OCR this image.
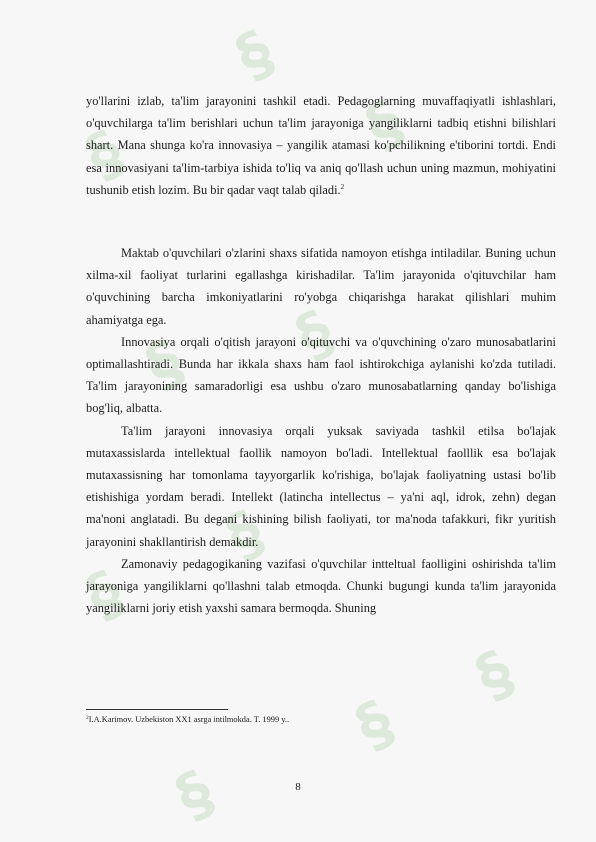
§
§
§
§
§
§
§
§
§
§

yo'llarini izlab, ta'lim jarayonini tashkil etadi. Pedagoglarning muvaffaqiyatli ishlashlari, o'quvchilarga ta'lim berishlari uchun ta'lim jarayoniga yangiliklarni tadbiq etishni bilishlari shart. Mana shunga ko'ra innovasiya – yangilik atamasi ko'pchilikning e'tiborini tortdi. Endi esa innovasiyani ta'lim-tarbiya ishida to'liq va aniq qo'llash uchun uning mazmun, mohiyatini tushunib etish lozim. Bu bir qadar vaqt talab qiladi.$^2$

Maktab o'quvchilari o'zlarini shaxs sifatida namoyon etishga intiladilar. Buning uchun xilma-xil faoliyat turlarini egallashga kirishadilar. Ta'lim jarayonida o'qituvchilar ham o'quvchining barcha imkoniyatlarini ro'yobga chiqarishga harakat qilishlari muhim ahamiyatga ega.

Innovasiya orqali o'qitish jarayoni o'qituvchi va o'quvchining o'zaro munosabatlarini optimallashtiradi. Bunda har ikkala shaxs ham faol ishtirokchiga aylanishi ko'zda tutiladi. Ta'lim jarayonining samaradorligi esa ushbu o'zaro munosabatlarning qanday bo'lishiga bog'liq, albatta.

Ta'lim jarayoni innovasiya orqali yuksak saviyada tashkil etilsa bo'lajak mutaxassislarda intellektual faollik namoyon bo'ladi. Intellektual faolllik esa bo'lajak mutaxassisning har tomonlama tayyorgarlik ko'rishiga, bo'lajak faoliyatning ustasi bo'lib etishishiga yordam beradi. Intellekt (latincha intellectus – ya'ni aql, idrok, zehn) degan ma'noni anglatadi. Bu degani kishining bilish faoliyati, tor ma'noda tafakkuri, fikr yuritish jarayonini shakllantirish demakdir.

Zamonaviy pedagogikaning vazifasi o'quvchilar intteltual faolligini oshirishda ta'lim jarayoniga yangiliklarni qo'llashni talab etmoqda. Chunki bugungi kunda ta'lim jarayonida yangiliklarni joriy etish yaxshi samara bermoqda. Shuning

$^2$I.A.Karimov. Uzbekiston XX1 asrga intilmokda. T. 1999 y..
8
